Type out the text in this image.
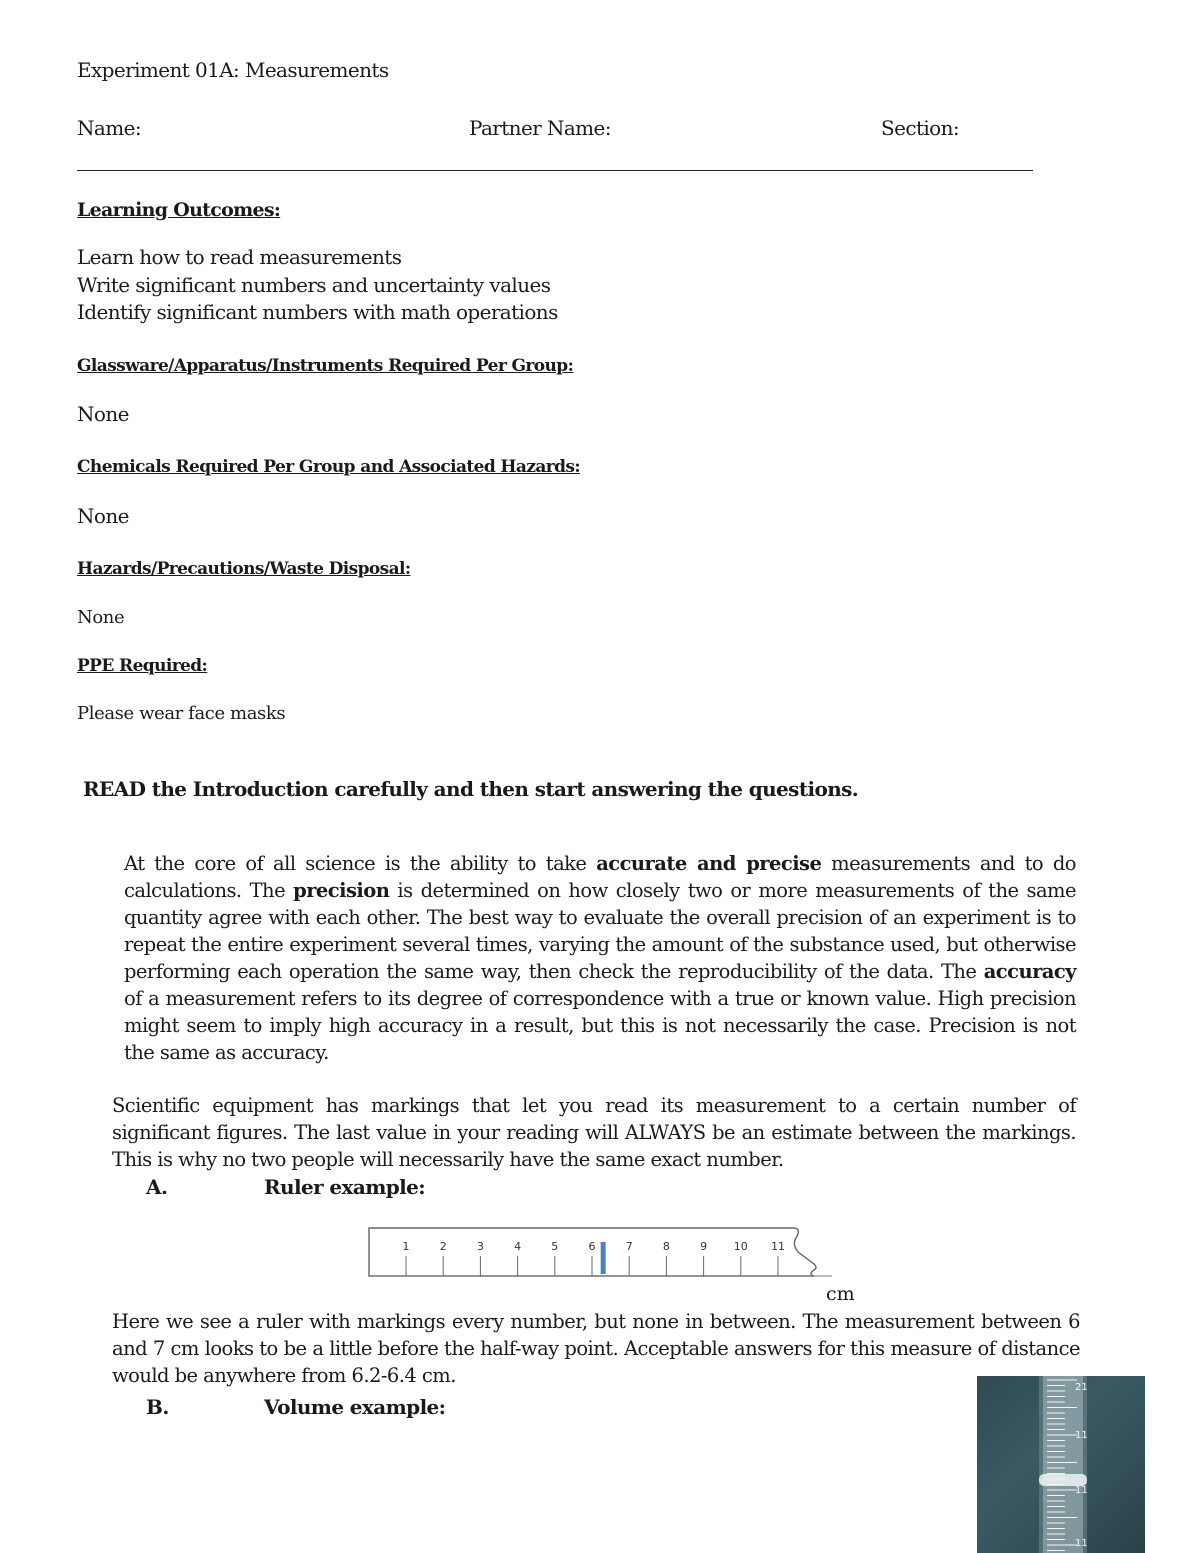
Experiment 01A: Measurements
Name:	Partner Name:	Section:
Learning Outcomes:
Learn how to read measurements
Write significant numbers and uncertainty values
Identify significant numbers with math operations
Glassware/Apparatus/Instruments Required Per Group:
None
Chemicals Required Per Group and Associated Hazards:
None
Hazards/Precautions/Waste Disposal:
None
PPE Required:
Please wear face masks
READ the Introduction carefully and then start answering the questions.
At the core of all science is the ability to take accurate and precise measurements and to do calculations. The precision is determined on how closely two or more measurements of the same quantity agree with each other. The best way to evaluate the overall precision of an experiment is to repeat the entire experiment several times, varying the amount of the substance used, but otherwise performing each operation the same way, then check the reproducibility of the data. The accuracy of a measurement refers to its degree of correspondence with a true or known value. High precision might seem to imply high accuracy in a result, but this is not necessarily the case. Precision is not the same as accuracy.
Scientific equipment has markings that let you read its measurement to a certain number of significant figures. The last value in your reading will ALWAYS be an estimate between the markings. This is why no two people will necessarily have the same exact number.
A.	Ruler example:
1	2	3	4	5	6	7	8	9 10 11
cm
Here we see a ruler with markings every number, but none in between. The measurement between 6 and 7 cm looks to be a little before the half-way point. Acceptable answers for this measure of distance would be anywhere from 6.2-6.4 cm.
B.	Volume example:
21
11
11
11
